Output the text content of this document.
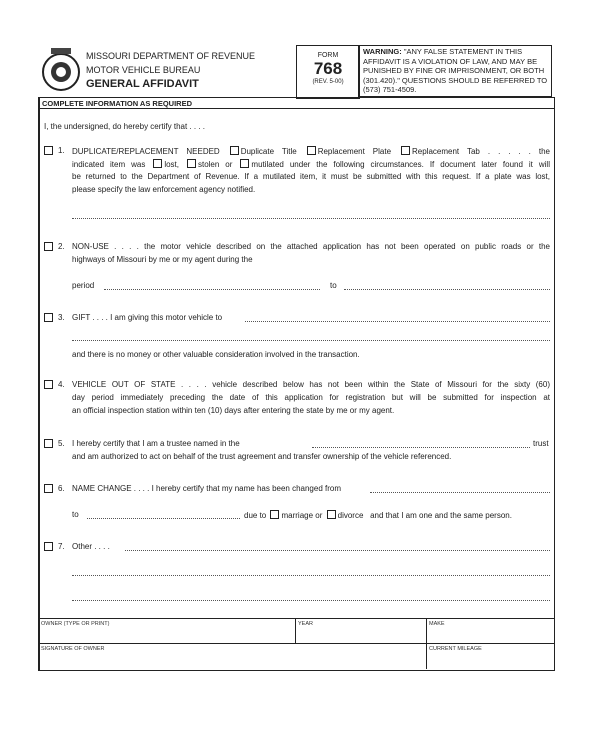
MISSOURI DEPARTMENT OF REVENUE
MOTOR VEHICLE BUREAU
GENERAL AFFIDAVIT
FORM
768
(REV. 5-00)
WARNING: "ANY FALSE STATEMENT IN THIS
AFFIDAVIT IS A VIOLATION OF LAW, AND MAY BE
PUNISHED BY FINE OR IMPRISONMENT, OR BOTH
(301.420)." QUESTIONS SHOULD BE REFERRED TO
(573) 751-4509.
COMPLETE INFORMATION AS REQUIRED
I, the undersigned, do hereby certify that . . . .
1. DUPLICATE/REPLACEMENT NEEDED	Duplicate Title	Replacement Plate	Replacement Tab . . . . . the
indicated item was lost, stolen or mutilated under the following circumstances. If document later found it will
be returned to the Department of Revenue. If a mutilated item, it must be submitted with this request. If a plate was lost,
please specify the law enforcement agency notified.
2. NON-USE . . . . the motor vehicle described on the attached application has not been operated on public roads or the
highways of Missouri by me or my agent during the
period	to
3. GIFT . . . . I am giving this motor vehicle to
and there is no money or other valuable consideration involved in the transaction.
4. VEHICLE OUT OF STATE . . . . vehicle described below has not been within the State of Missouri for the sixty (60)
day period immediately preceding the date of this application for registration but will be submitted for inspection at
an official inspection station within ten (10) days after entering the state by me or my agent.
5. I hereby certify that I am a trustee named in the	trust
and am authorized to act on behalf of the trust agreement and transfer ownership of the vehicle referenced.
6. NAME CHANGE . . . . I hereby certify that my name has been changed from
to	due to marriage or divorce and that I am one and the same person.
7. Other . . . .
OWNER (TYPE OR PRINT)	YEAR	MAKE
SIGNATURE OF OWNER	CURRENT MILEAGE
